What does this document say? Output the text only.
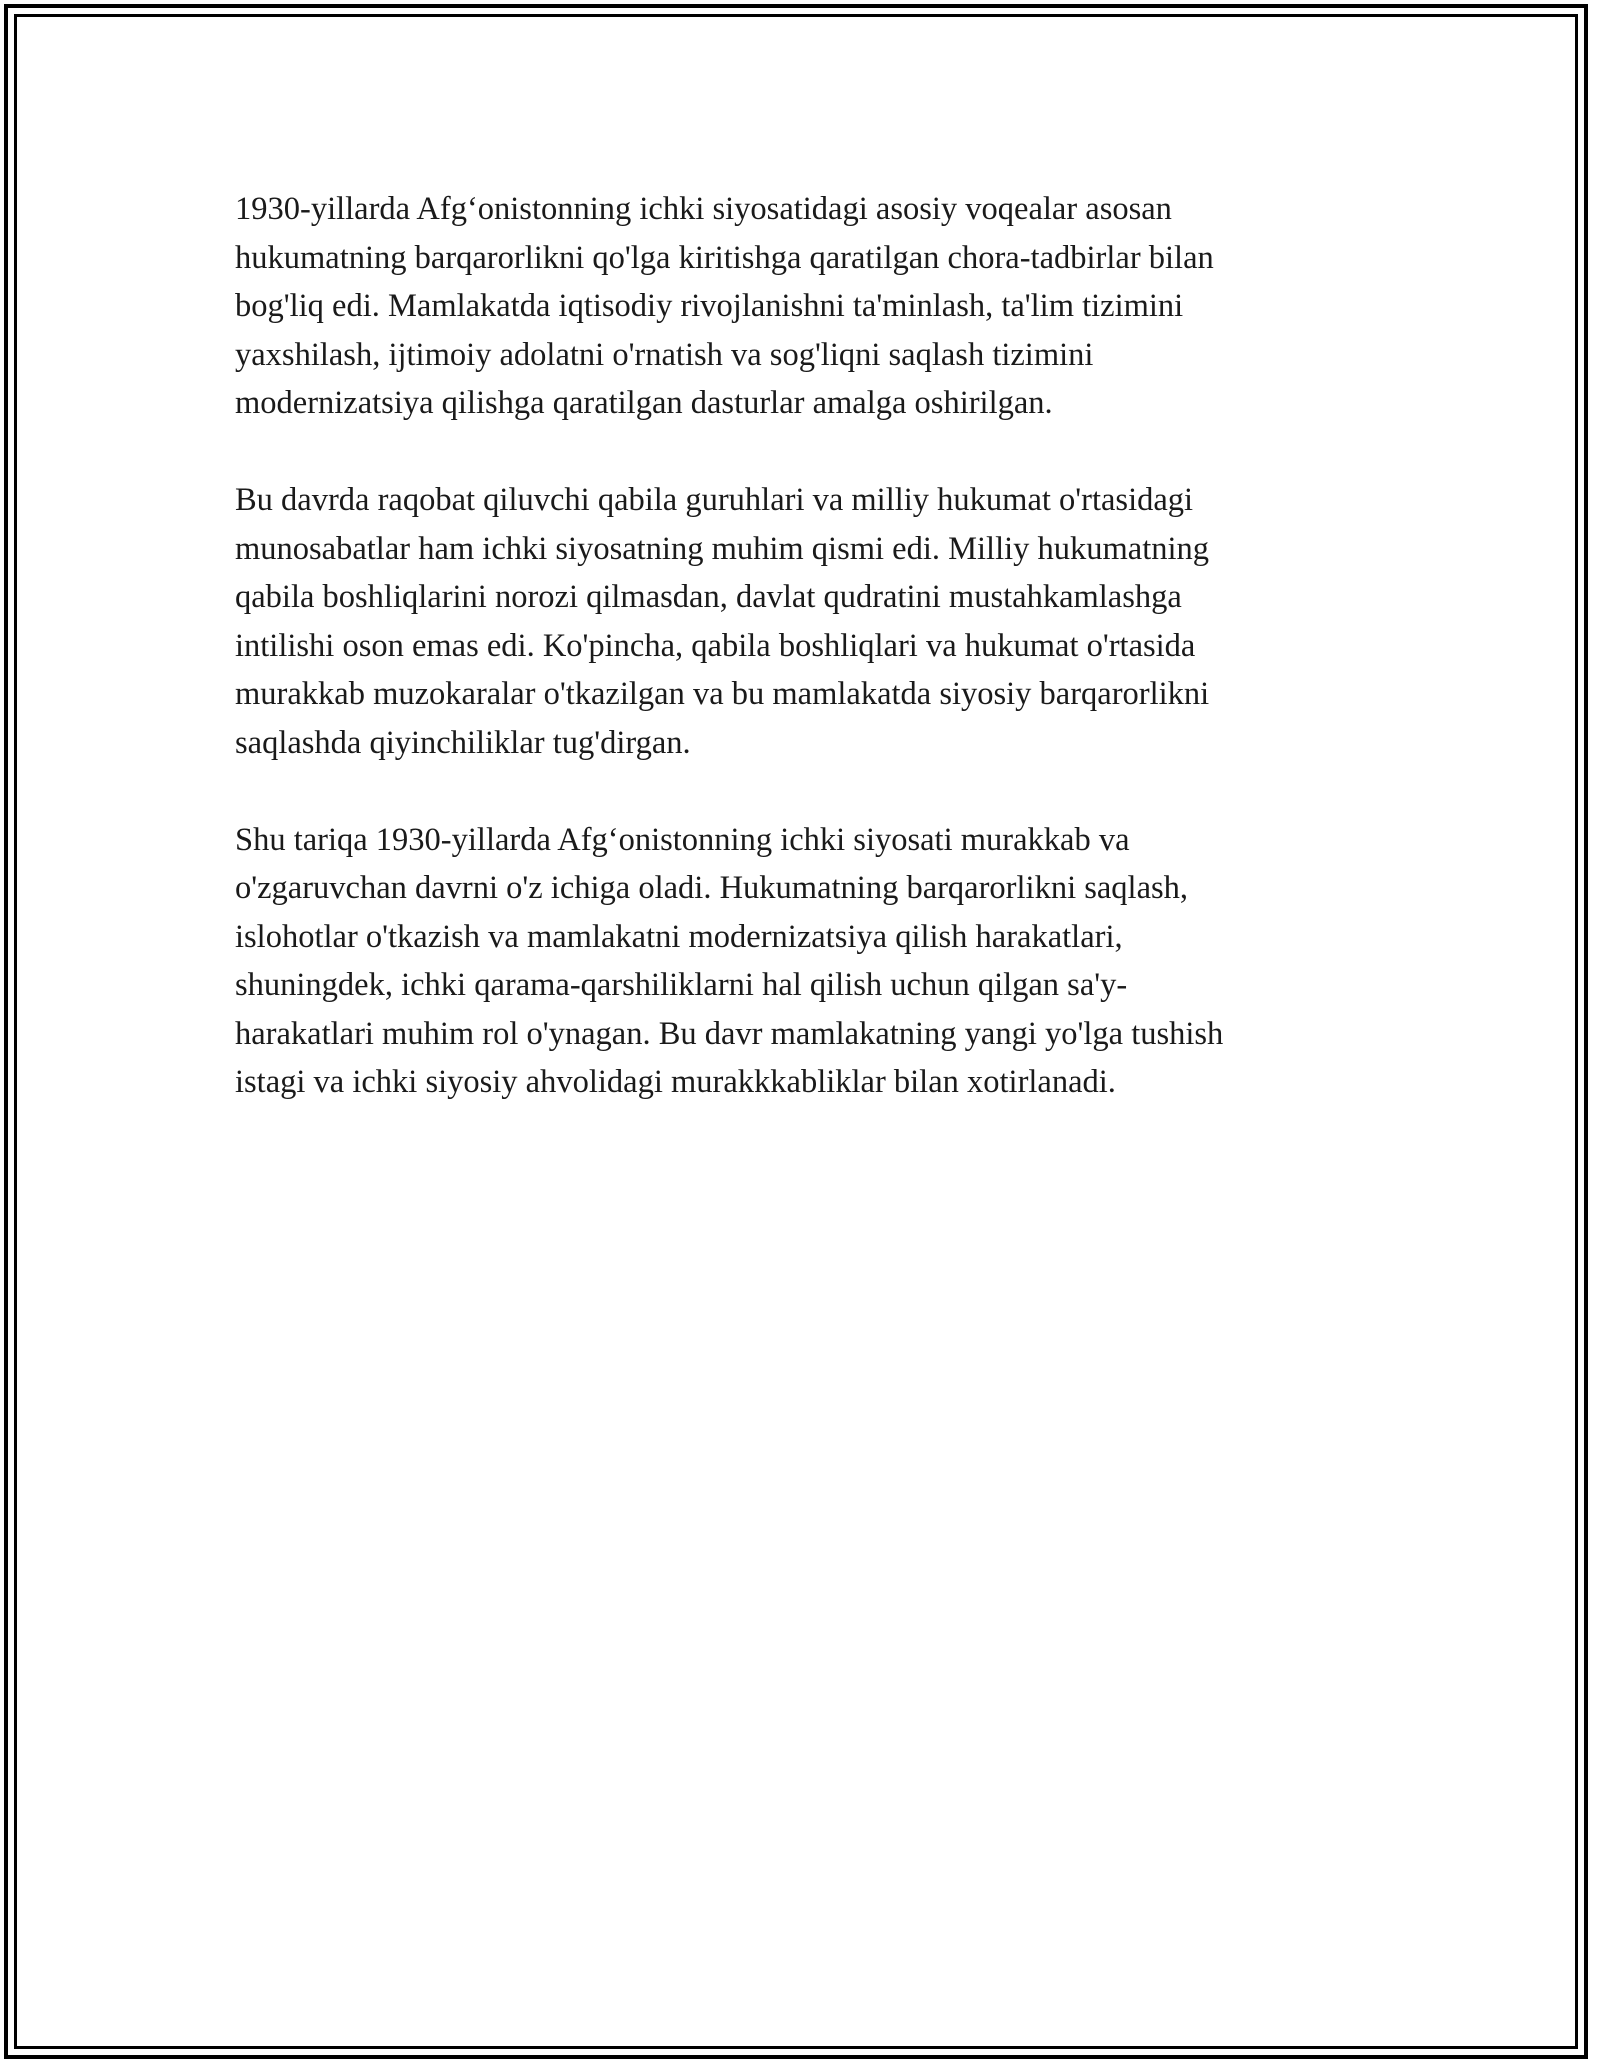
1930-yillarda Afg‘onistonning ichki siyosatidagi asosiy voqealar asosan
hukumatning barqarorlikni qo'lga kiritishga qaratilgan chora-tadbirlar bilan
bog'liq edi. Mamlakatda iqtisodiy rivojlanishni ta'minlash, ta'lim tizimini
yaxshilash, ijtimoiy adolatni o'rnatish va sog'liqni saqlash tizimini
modernizatsiya qilishga qaratilgan dasturlar amalga oshirilgan.

Bu davrda raqobat qiluvchi qabila guruhlari va milliy hukumat o'rtasidagi
munosabatlar ham ichki siyosatning muhim qismi edi. Milliy hukumatning
qabila boshliqlarini norozi qilmasdan, davlat qudratini mustahkamlashga
intilishi oson emas edi. Ko'pincha, qabila boshliqlari va hukumat o'rtasida
murakkab muzokaralar o'tkazilgan va bu mamlakatda siyosiy barqarorlikni
saqlashda qiyinchiliklar tug'dirgan.

Shu tariqa 1930-yillarda Afg‘onistonning ichki siyosati murakkab va
o'zgaruvchan davrni o'z ichiga oladi. Hukumatning barqarorlikni saqlash,
islohotlar o'tkazish va mamlakatni modernizatsiya qilish harakatlari,
shuningdek, ichki qarama-qarshiliklarni hal qilish uchun qilgan sa'y-
harakatlari muhim rol o'ynagan. Bu davr mamlakatning yangi yo'lga tushish
istagi va ichki siyosiy ahvolidagi murakkkabliklar bilan xotirlanadi.
